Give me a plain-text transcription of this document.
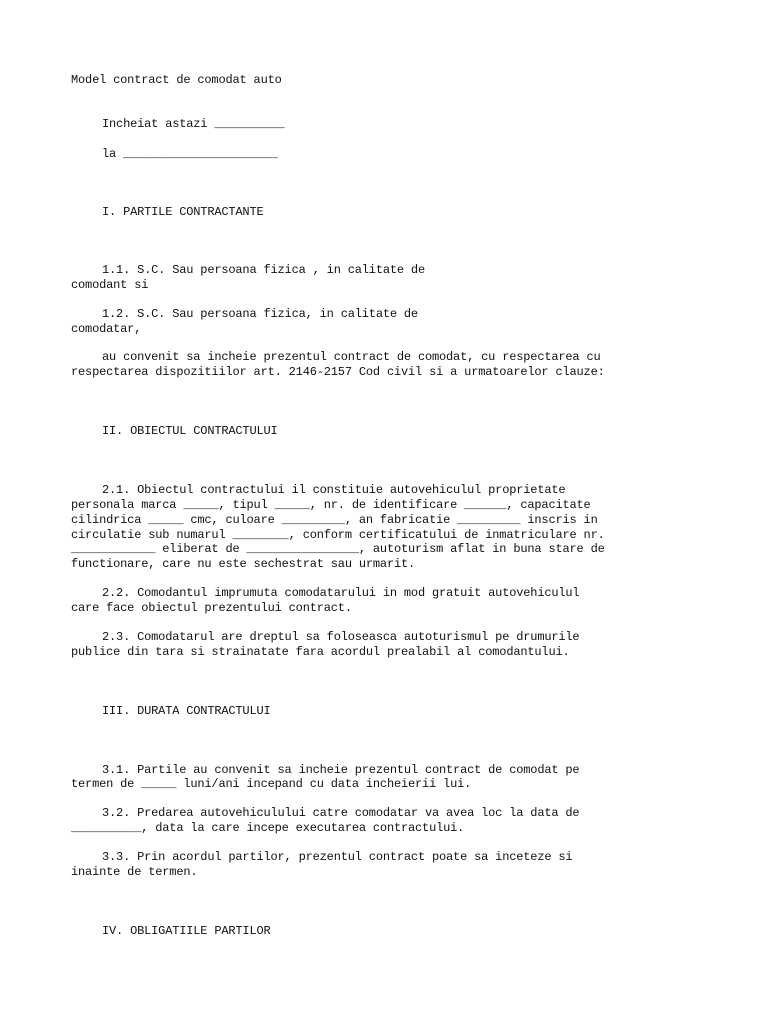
Model contract de comodat auto
Incheiat astazi __________
la ______________________
I. PARTILE CONTRACTANTE
1.1. S.C. Sau persoana fizica , in calitate de
comodant si
1.2. S.C. Sau persoana fizica, in calitate de
comodatar,
au convenit sa incheie prezentul contract de comodat, cu respectarea cu
respectarea dispozitiilor art. 2146-2157 Cod civil si a urmatoarelor clauze:
II. OBIECTUL CONTRACTULUI
2.1. Obiectul contractului il constituie autovehiculul proprietate
personala marca _____, tipul _____, nr. de identificare ______, capacitate
cilindrica _____ cmc, culoare _________, an fabricatie _________ inscris in
circulatie sub numarul ________, conform certificatului de inmatriculare nr.
____________ eliberat de ________________, autoturism aflat in buna stare de
functionare, care nu este sechestrat sau urmarit.
2.2. Comodantul imprumuta comodatarului in mod gratuit autovehiculul
care face obiectul prezentului contract.
2.3. Comodatarul are dreptul sa foloseasca autoturismul pe drumurile
publice din tara si strainatate fara acordul prealabil al comodantului.
III. DURATA CONTRACTULUI
3.1. Partile au convenit sa incheie prezentul contract de comodat pe
termen de _____ luni/ani incepand cu data incheierii lui.
3.2. Predarea autovehiculului catre comodatar va avea loc la data de
__________, data la care incepe executarea contractului.
3.3. Prin acordul partilor, prezentul contract poate sa inceteze si
inainte de termen.
IV. OBLIGATIILE PARTILOR
